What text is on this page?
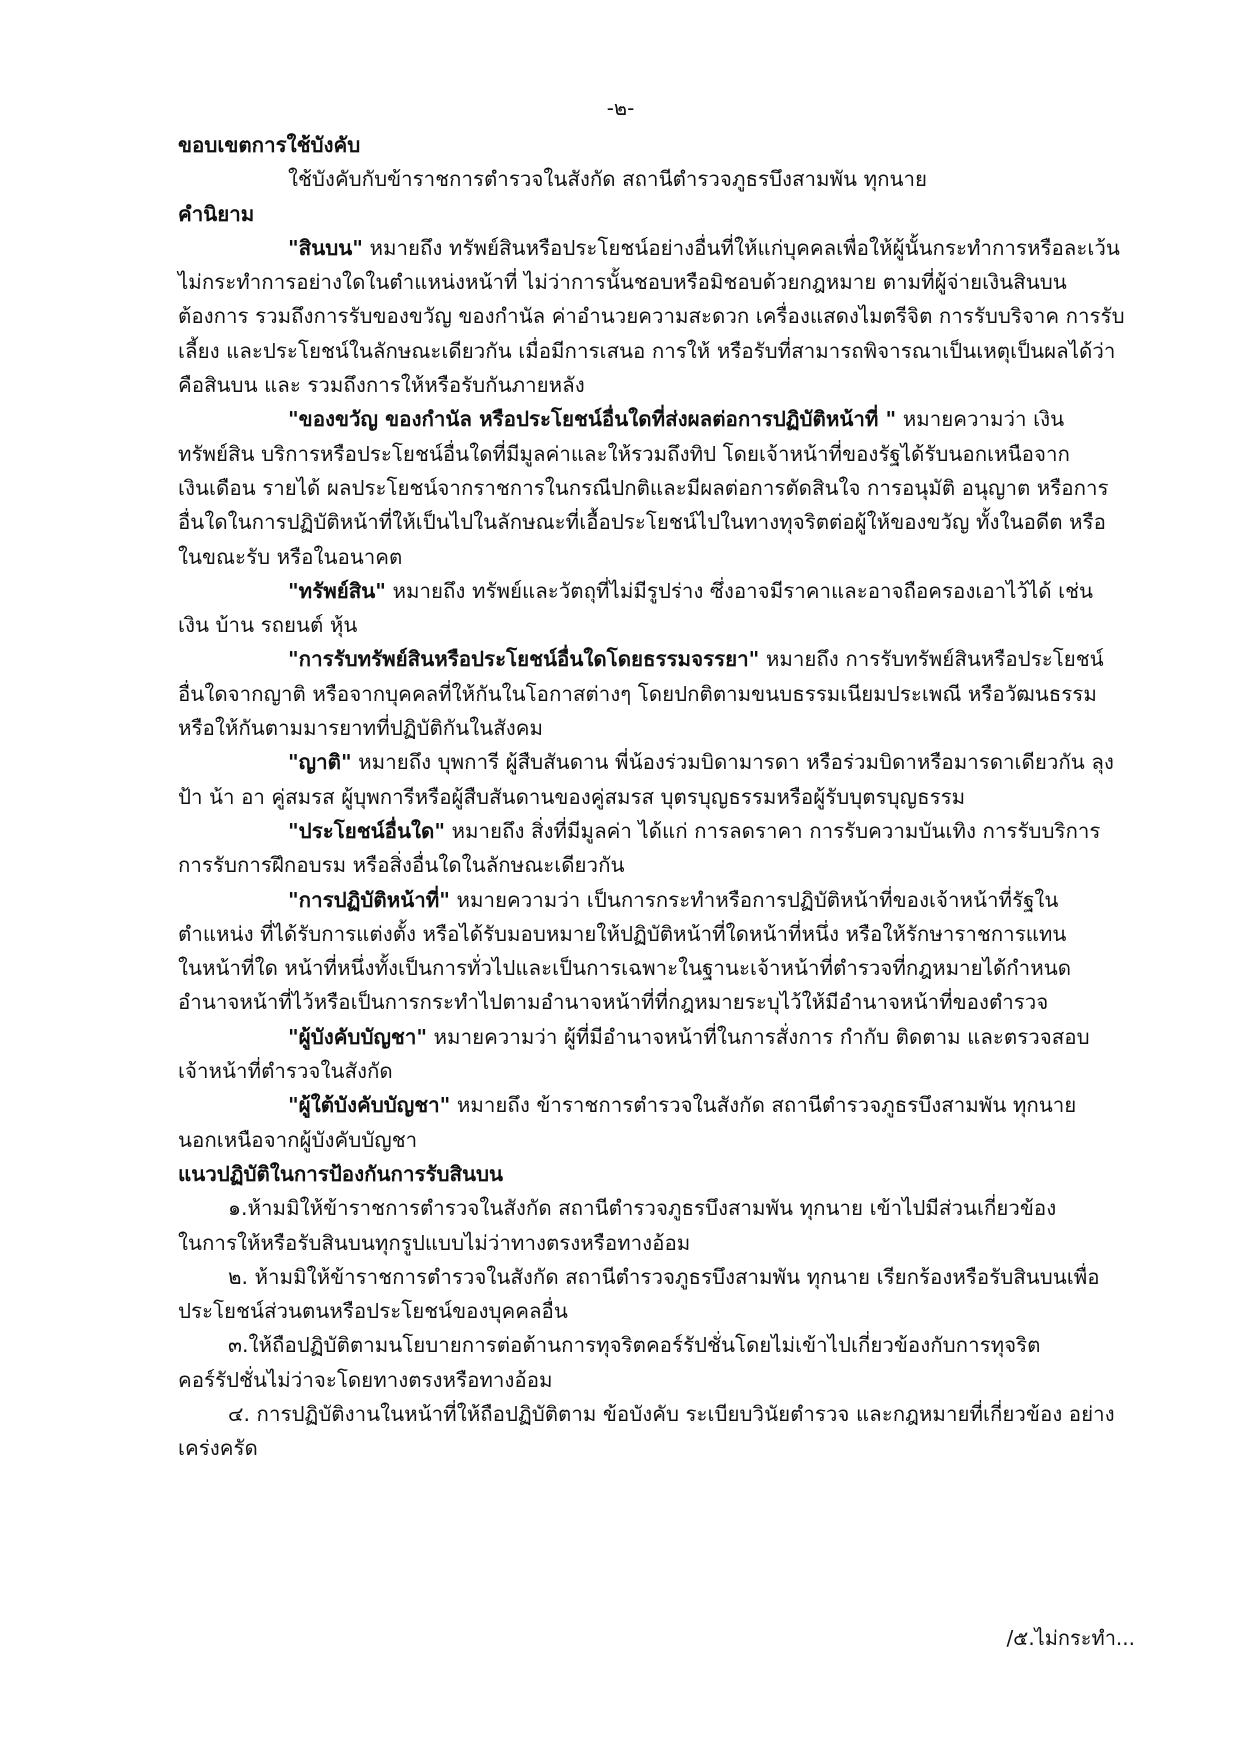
-๒-
ขอบเขตการใช้บังคับ
ใช้บังคับกับข้าราชการตำรวจในสังกัด สถานีตำรวจภูธรบึงสามพัน ทุกนาย
คำนิยาม
"สินบน" หมายถึง ทรัพย์สินหรือประโยชน์อย่างอื่นที่ให้แก่บุคคลเพื่อให้ผู้นั้นกระทำการหรือละเว้น
ไม่กระทำการอย่างใดในตำแหน่งหน้าที่ ไม่ว่าการนั้นชอบหรือมิชอบด้วยกฎหมาย ตามที่ผู้จ่ายเงินสินบน
ต้องการ รวมถึงการรับของขวัญ ของกำนัล ค่าอำนวยความสะดวก เครื่องแสดงไมตรีจิต การรับบริจาค การรับ
เลี้ยง และประโยชน์ในลักษณะเดียวกัน เมื่อมีการเสนอ การให้ หรือรับที่สามารถพิจารณาเป็นเหตุเป็นผลได้ว่า
คือสินบน และ รวมถึงการให้หรือรับกันภายหลัง
"ของขวัญ ของกำนัล หรือประโยชน์อื่นใดที่ส่งผลต่อการปฏิบัติหน้าที่ " หมายความว่า เงิน
ทรัพย์สิน บริการหรือประโยชน์อื่นใดที่มีมูลค่าและให้รวมถึงทิป โดยเจ้าหน้าที่ของรัฐได้รับนอกเหนือจาก
เงินเดือน รายได้ ผลประโยชน์จากราชการในกรณีปกติและมีผลต่อการตัดสินใจ การอนุมัติ อนุญาต หรือการ
อื่นใดในการปฏิบัติหน้าที่ให้เป็นไปในลักษณะที่เอื้อประโยชน์ไปในทางทุจริตต่อผู้ให้ของขวัญ ทั้งในอดีต หรือ
ในขณะรับ หรือในอนาคต
"ทรัพย์สิน" หมายถึง ทรัพย์และวัตถุที่ไม่มีรูปร่าง ซึ่งอาจมีราคาและอาจถือครองเอาไว้ได้ เช่น
เงิน บ้าน รถยนต์ หุ้น
"การรับทรัพย์สินหรือประโยชน์อื่นใดโดยธรรมจรรยา" หมายถึง การรับทรัพย์สินหรือประโยชน์
อื่นใดจากญาติ หรือจากบุคคลที่ให้กันในโอกาสต่างๆ โดยปกติตามขนบธรรมเนียมประเพณี หรือวัฒนธรรม
หรือให้กันตามมารยาทที่ปฏิบัติกันในสังคม
"ญาติ" หมายถึง บุพการี ผู้สืบสันดาน พี่น้องร่วมบิดามารดา หรือร่วมบิดาหรือมารดาเดียวกัน ลุง
ป้า น้า อา คู่สมรส ผู้บุพการีหรือผู้สืบสันดานของคู่สมรส บุตรบุญธรรมหรือผู้รับบุตรบุญธรรม
"ประโยชน์อื่นใด" หมายถึง สิ่งที่มีมูลค่า ได้แก่ การลดราคา การรับความบันเทิง การรับบริการ
การรับการฝึกอบรม หรือสิ่งอื่นใดในลักษณะเดียวกัน
"การปฏิบัติหน้าที่" หมายความว่า เป็นการกระทำหรือการปฏิบัติหน้าที่ของเจ้าหน้าที่รัฐใน
ตำแหน่ง ที่ได้รับการแต่งตั้ง หรือได้รับมอบหมายให้ปฏิบัติหน้าที่ใดหน้าที่หนึ่ง หรือให้รักษาราชการแทน
ในหน้าที่ใด หน้าที่หนึ่งทั้งเป็นการทั่วไปและเป็นการเฉพาะในฐานะเจ้าหน้าที่ตำรวจที่กฎหมายได้กำหนด
อำนาจหน้าที่ไว้หรือเป็นการกระทำไปตามอำนาจหน้าที่ที่กฎหมายระบุไว้ให้มีอำนาจหน้าที่ของตำรวจ
"ผู้บังคับบัญชา" หมายความว่า ผู้ที่มีอำนาจหน้าที่ในการสั่งการ กำกับ ติดตาม และตรวจสอบ
เจ้าหน้าที่ตำรวจในสังกัด
"ผู้ใต้บังคับบัญชา" หมายถึง ข้าราชการตำรวจในสังกัด สถานีตำรวจภูธรบึงสามพัน ทุกนาย
นอกเหนือจากผู้บังคับบัญชา
แนวปฏิบัติในการป้องกันการรับสินบน
๑.ห้ามมิให้ข้าราชการตำรวจในสังกัด สถานีตำรวจภูธรบึงสามพัน ทุกนาย เข้าไปมีส่วนเกี่ยวข้อง
ในการให้หรือรับสินบนทุกรูปแบบไม่ว่าทางตรงหรือทางอ้อม
๒. ห้ามมิให้ข้าราชการตำรวจในสังกัด สถานีตำรวจภูธรบึงสามพัน ทุกนาย เรียกร้องหรือรับสินบนเพื่อ
ประโยชน์ส่วนตนหรือประโยชน์ของบุคคลอื่น
๓.ให้ถือปฏิบัติตามนโยบายการต่อต้านการทุจริตคอร์รัปชั่นโดยไม่เข้าไปเกี่ยวข้องกับการทุจริต
คอร์รัปชั่นไม่ว่าจะโดยทางตรงหรือทางอ้อม
๔. การปฏิบัติงานในหน้าที่ให้ถือปฏิบัติตาม ข้อบังคับ ระเบียบวินัยตำรวจ และกฎหมายที่เกี่ยวข้อง อย่าง
เคร่งครัด
/๕.ไม่กระทำ...
